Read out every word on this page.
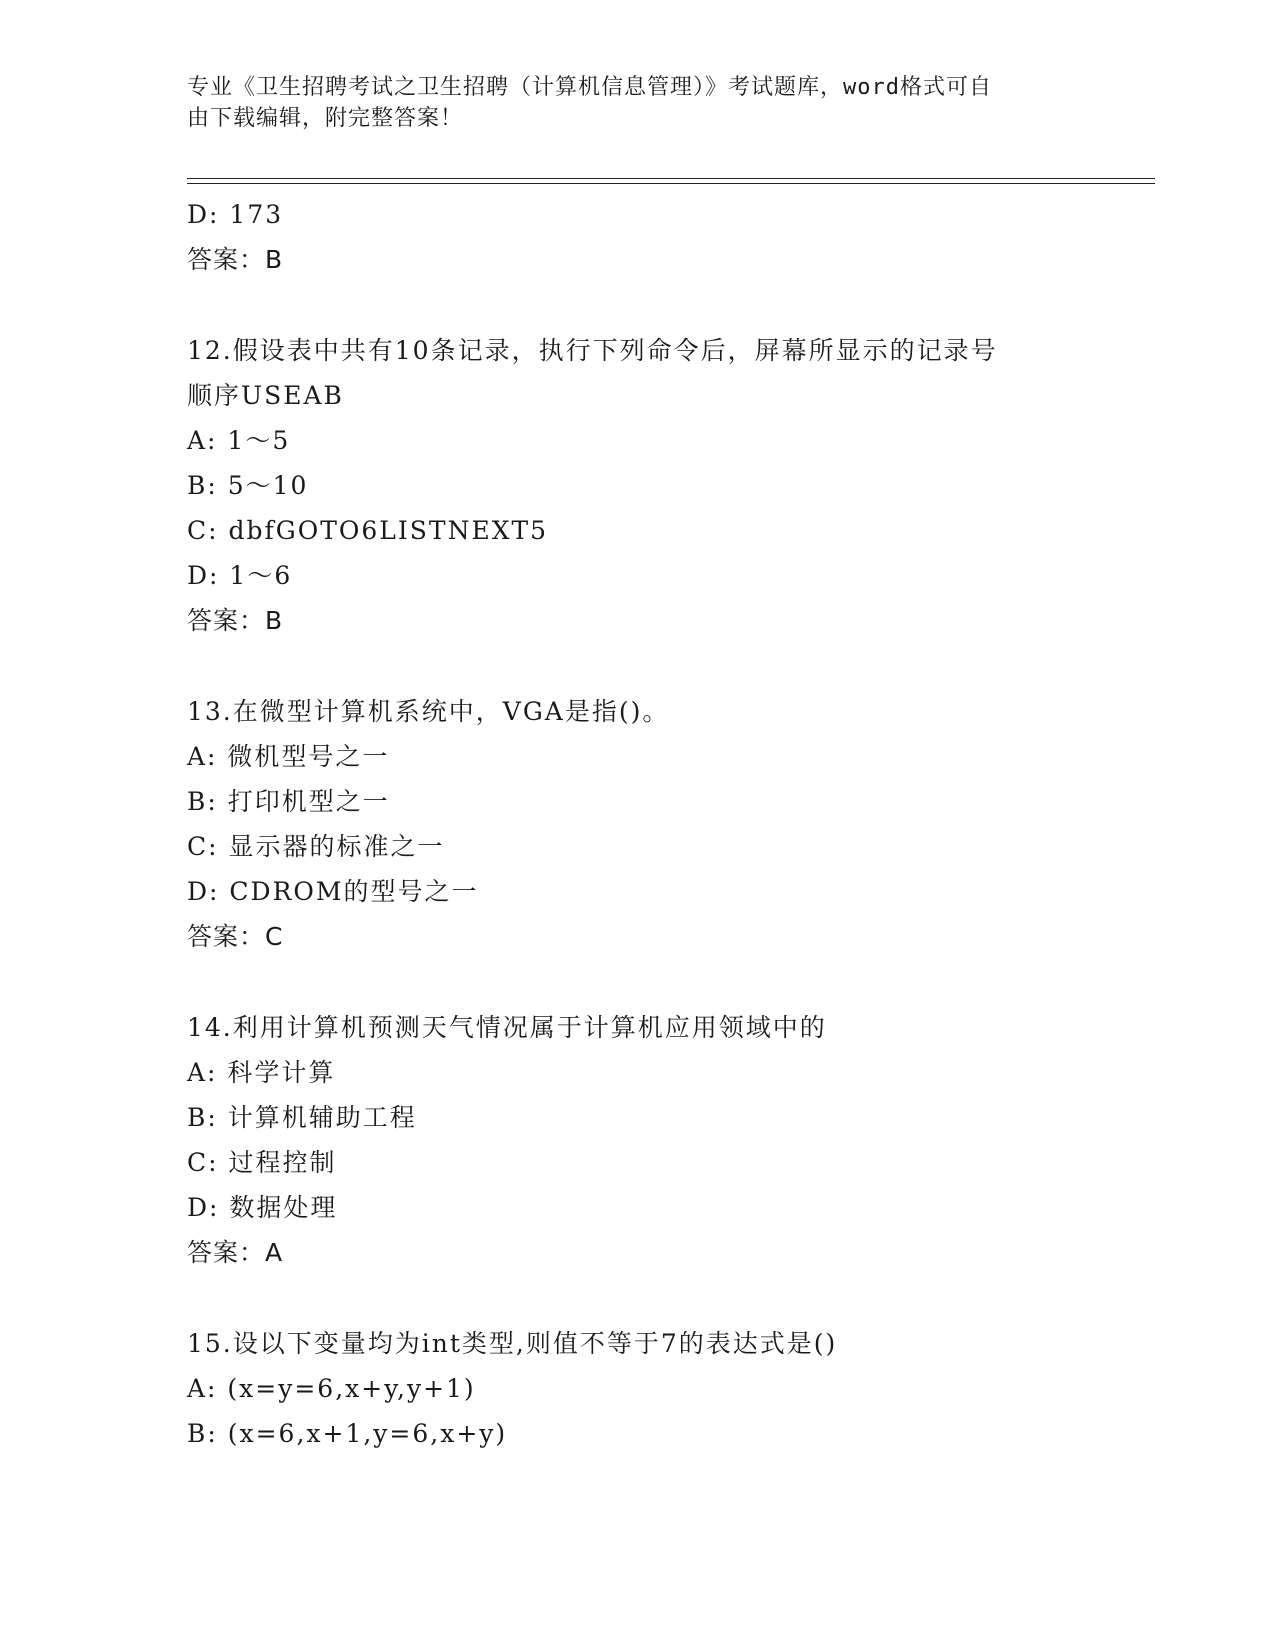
专业《卫生招聘考试之卫生招聘（计算机信息管理）》考试题库，word格式可自
由下载编辑，附完整答案！
D: 173
答案：B
12.假设表中共有10条记录，执行下列命令后，屏幕所显示的记录号
顺序USEAB
A: 1～5
B: 5～10
C: dbfGOTO6LISTNEXT5
D: 1～6
答案：B
13.在微型计算机系统中，VGA是指()。
A: 微机型号之一
B: 打印机型之一
C: 显示器的标准之一
D: CDROM的型号之一
答案：C
14.利用计算机预测天气情况属于计算机应用领域中的
A: 科学计算
B: 计算机辅助工程
C: 过程控制
D: 数据处理
答案：A
15.设以下变量均为int类型,则值不等于7的表达式是()
A: (x=y=6,x+y,y+1)
B: (x=6,x+1,y=6,x+y)
